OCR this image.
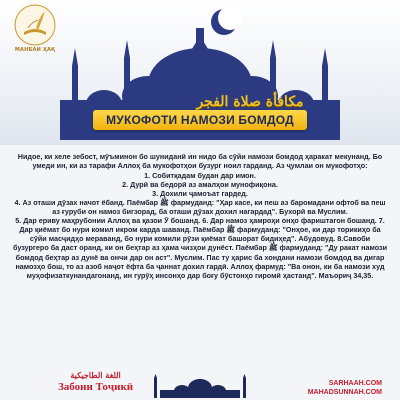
МАНБАИ ҲАҚ
مكافأة صلاة الفجر
МУКОФОТИ НАМОЗИ БОМДОД

Нидое, ки хеле зебост, мӯъминон бо шуниданӣ ин нидо ба сӯйи намози бомдод ҳаракат мекунанд. Бо умеди ин, ки аз тарафи Аллоҳ ба мукофотҳои бузург ноил гарданд. Аз ҷумлаи он мукофотҳо:

1. Собитқадам будан дар имон.
2. Дурӣ ва бедорӣ аз амалҳои мунофиқона.
3. Дохили ҷамоъат гардед.
4. Аз оташи дӯзах начот ёбанд. Паёмбар ﷺ фармуданд: "Ҳар касе, ки пеш аз баромадани офтоб ва пеш аз ғуруби он намоз бигзорад, ба оташи дӯзах дохил нагардад". Бухорӣ ва Муслим.
5. Дар ериву маҳрубонии Аллоҳ ва қазои Ӯ бошанд. 6. Дар намоз ҳамроҳи онҳо фариштагон бошанд. 7. Дар қиёмат бо нури комил икром карда шаванд. Паёмбар ﷺ фармуданд: "Онҳое, ки дар торикиҳо ба сӯйи масҷидҳо мераванд, бо нури комили рӯзи қиёмат башорат бидиҳед". Абудовуд. 8.Савоби бузургеро ба даст оранд, ки он беҳтар аз ҳама чизҳои дунёст. Паёмбар ﷺ фармуданд: "Ду ракат намози бомдод беҳтар аз дунё ва ончи дар он аст". Муслим. Пас ту ҳарис ба хондани намози бомдод ва дигар намозҳо бош, то аз азоб наҷот ёфта ба ҷаннат дохил гардӣ. Аллоҳ фармуд: "Ва онон, ки ба намози худ муҳофизаткунандагонанд, ин гурӯҳ инсонҳо дар боғу бӯстонҳо гиромӣ ҳастанд". Маъориҷ 34,35.
اللغة الطاجيكية
Забони Тоҷикӣ	SARHAAH.COM
MAHADSUNNAH.COM
